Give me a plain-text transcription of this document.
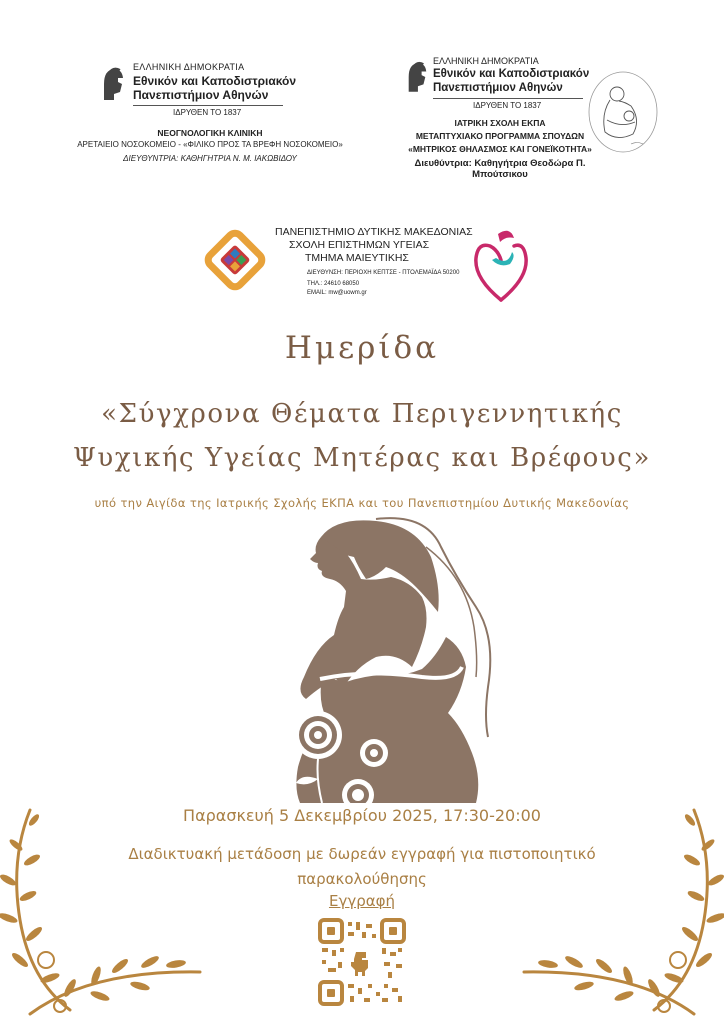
ΕΛΛΗΝΙΚΗ ΔΗΜΟΚΡΑΤΙΑ
Εθνικόν και Καποδιστριακόν
Πανεπιστήμιον Αθηνών
ΙΔΡΥΘΕΝ ΤΟ 1837
ΝΕΟΓΝΟΛΟΓΙΚΗ ΚΛΙΝΙΚΗ
ΑΡΕΤΑΙΕΙΟ ΝΟΣΟΚΟΜΕΙΟ - «ΦΙΛΙΚΟ ΠΡΟΣ ΤΑ ΒΡΕΦΗ ΝΟΣΟΚΟΜΕΙΟ»
ΔΙΕΥΘΥΝΤΡΙΑ: ΚΑΘΗΓΗΤΡΙΑ Ν. Μ. ΙΑΚΩΒΙΔΟΥ
ΕΛΛΗΝΙΚΗ ΔΗΜΟΚΡΑΤΙΑ
Εθνικόν και Καποδιστριακόν
Πανεπιστήμιον Αθηνών
ΙΔΡΥΘΕΝ ΤΟ 1837
ΙΑΤΡΙΚΗ ΣΧΟΛΗ ΕΚΠΑ
ΜΕΤΑΠΤΥΧΙΑΚΟ ΠΡΟΓΡΑΜΜΑ ΣΠΟΥΔΩΝ
«ΜΗΤΡΙΚΟΣ ΘΗΛΑΣΜΟΣ ΚΑΙ ΓΟΝΕΪΚΟΤΗΤΑ»
Διευθύντρια: Καθηγήτρια Θεοδώρα Π. Μπούτσικου
ΠΑΝΕΠΙΣΤΗΜΙΟ ΔΥΤΙΚΗΣ ΜΑΚΕΔΟΝΙΑΣ
ΣΧΟΛΗ ΕΠΙΣΤΗΜΩΝ ΥΓΕΙΑΣ
ΤΜΗΜΑ ΜΑΙΕΥΤΙΚΗΣ
ΔΙΕΥΘΥΝΣΗ: ΠΕΡΙΟΧΗ ΚΕΠΤΣΕ - ΠΤΟΛΕΜΑΪΔΑ 50200
ΤΗΛ.: 24610 68050
EMAIL: mw@uowm.gr
Ημερίδα
«Σύγχρονα Θέματα Περιγεννητικής
Ψυχικής Υγείας Μητέρας και Βρέφους»
υπό την Αιγίδα της Ιατρικής Σχολής ΕΚΠΑ και του Πανεπιστημίου Δυτικής Μακεδονίας
Παρασκευή 5 Δεκεμβρίου 2025, 17:30-20:00
Διαδικτυακή μετάδοση με δωρεάν εγγραφή για πιστοποιητικό
παρακολούθησης
Εγγραφή
